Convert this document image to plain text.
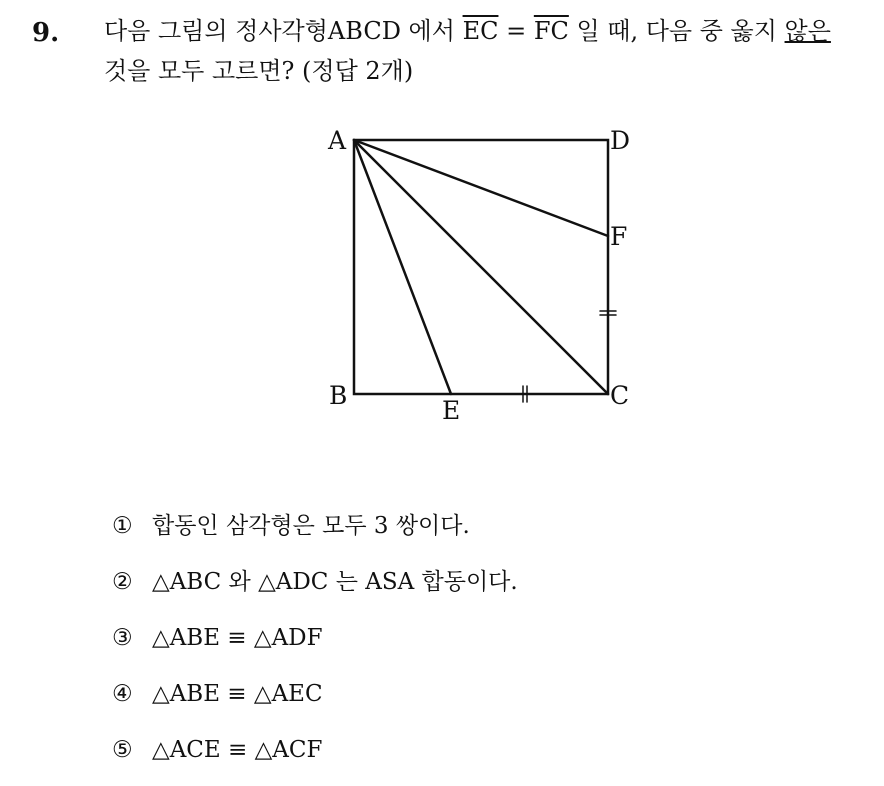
9. 다음 그림의 정사각형ABCD 에서 $\overline{EC} = \overline{FC}$ 일 때, 다음 중 옳지 않은
것을 모두 고르면? (정답 2개)
A	D
F
B	C
E
① 합동인 삼각형은 모두 3 쌍이다.
② △ABC 와 △ADC 는 ASA 합동이다.
③ △ABE ≡ △ADF
④ △ABE ≡ △AEC
⑤ △ACE ≡ △ACF
